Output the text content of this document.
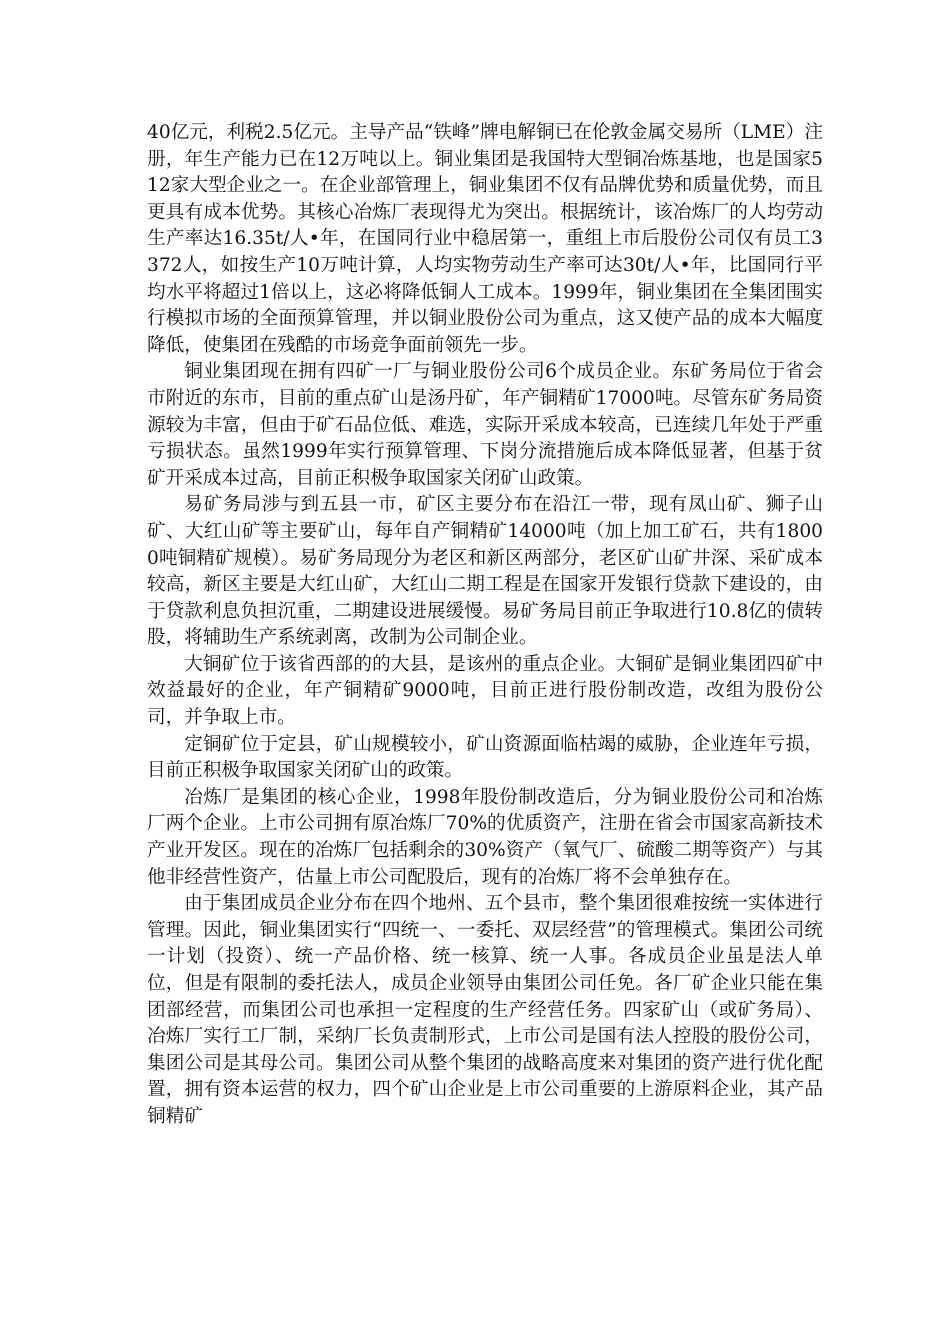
40亿元，利税2.5亿元。主导产品“铁峰”牌电解铜已在伦敦金属交易所（LME）注册，年生产能力已在12万吨以上。铜业集团是我国特大型铜冶炼基地，也是国家512家大型企业之一。在企业部管理上，铜业集团不仅有品牌优势和质量优势，而且更具有成本优势。其核心冶炼厂表现得尤为突出。根据统计，该冶炼厂的人均劳动生产率达16.35t/人•年，在国同行业中稳居第一，重组上市后股份公司仅有员工3372人，如按生产10万吨计算，人均实物劳动生产率可达30t/人•年，比国同行平均水平将超过1倍以上，这必将降低铜人工成本。1999年，铜业集团在全集团围实行模拟市场的全面预算管理，并以铜业股份公司为重点，这又使产品的成本大幅度降低，使集团在残酷的市场竞争面前领先一步。

铜业集团现在拥有四矿一厂与铜业股份公司6个成员企业。东矿务局位于省会市附近的东市，目前的重点矿山是汤丹矿，年产铜精矿17000吨。尽管东矿务局资源较为丰富，但由于矿石品位低、难选，实际开采成本较高，已连续几年处于严重亏损状态。虽然1999年实行预算管理、下岗分流措施后成本降低显著，但基于贫矿开采成本过高，目前正积极争取国家关闭矿山政策。

易矿务局涉与到五县一市，矿区主要分布在沿江一带，现有凤山矿、狮子山矿、大红山矿等主要矿山，每年自产铜精矿14000吨（加上加工矿石，共有18000吨铜精矿规模）。易矿务局现分为老区和新区两部分，老区矿山矿井深、采矿成本较高，新区主要是大红山矿，大红山二期工程是在国家开发银行贷款下建设的，由于贷款利息负担沉重，二期建设进展缓慢。易矿务局目前正争取进行10.8亿的债转股，将辅助生产系统剥离，改制为公司制企业。

大铜矿位于该省西部的的大县，是该州的重点企业。大铜矿是铜业集团四矿中效益最好的企业，年产铜精矿9000吨，目前正进行股份制改造，改组为股份公司，并争取上市。

定铜矿位于定县，矿山规模较小，矿山资源面临枯竭的威胁，企业连年亏损，目前正积极争取国家关闭矿山的政策。

冶炼厂是集团的核心企业，1998年股份制改造后，分为铜业股份公司和冶炼厂两个企业。上市公司拥有原冶炼厂70%的优质资产，注册在省会市国家高新技术产业开发区。现在的冶炼厂包括剩余的30%资产（氧气厂、硫酸二期等资产）与其他非经营性资产，估量上市公司配股后，现有的冶炼厂将不会单独存在。

由于集团成员企业分布在四个地州、五个县市，整个集团很难按统一实体进行管理。因此，铜业集团实行“四统一、一委托、双层经营”的管理模式。集团公司统一计划（投资）、统一产品价格、统一核算、统一人事。各成员企业虽是法人单位，但是有限制的委托法人，成员企业领导由集团公司任免。各厂矿企业只能在集团部经营，而集团公司也承担一定程度的生产经营任务。四家矿山（或矿务局）、冶炼厂实行工厂制，采纳厂长负责制形式，上市公司是国有法人控股的股份公司，集团公司是其母公司。集团公司从整个集团的战略高度来对集团的资产进行优化配置，拥有资本运营的权力，四个矿山企业是上市公司重要的上游原料企业，其产品铜精矿
